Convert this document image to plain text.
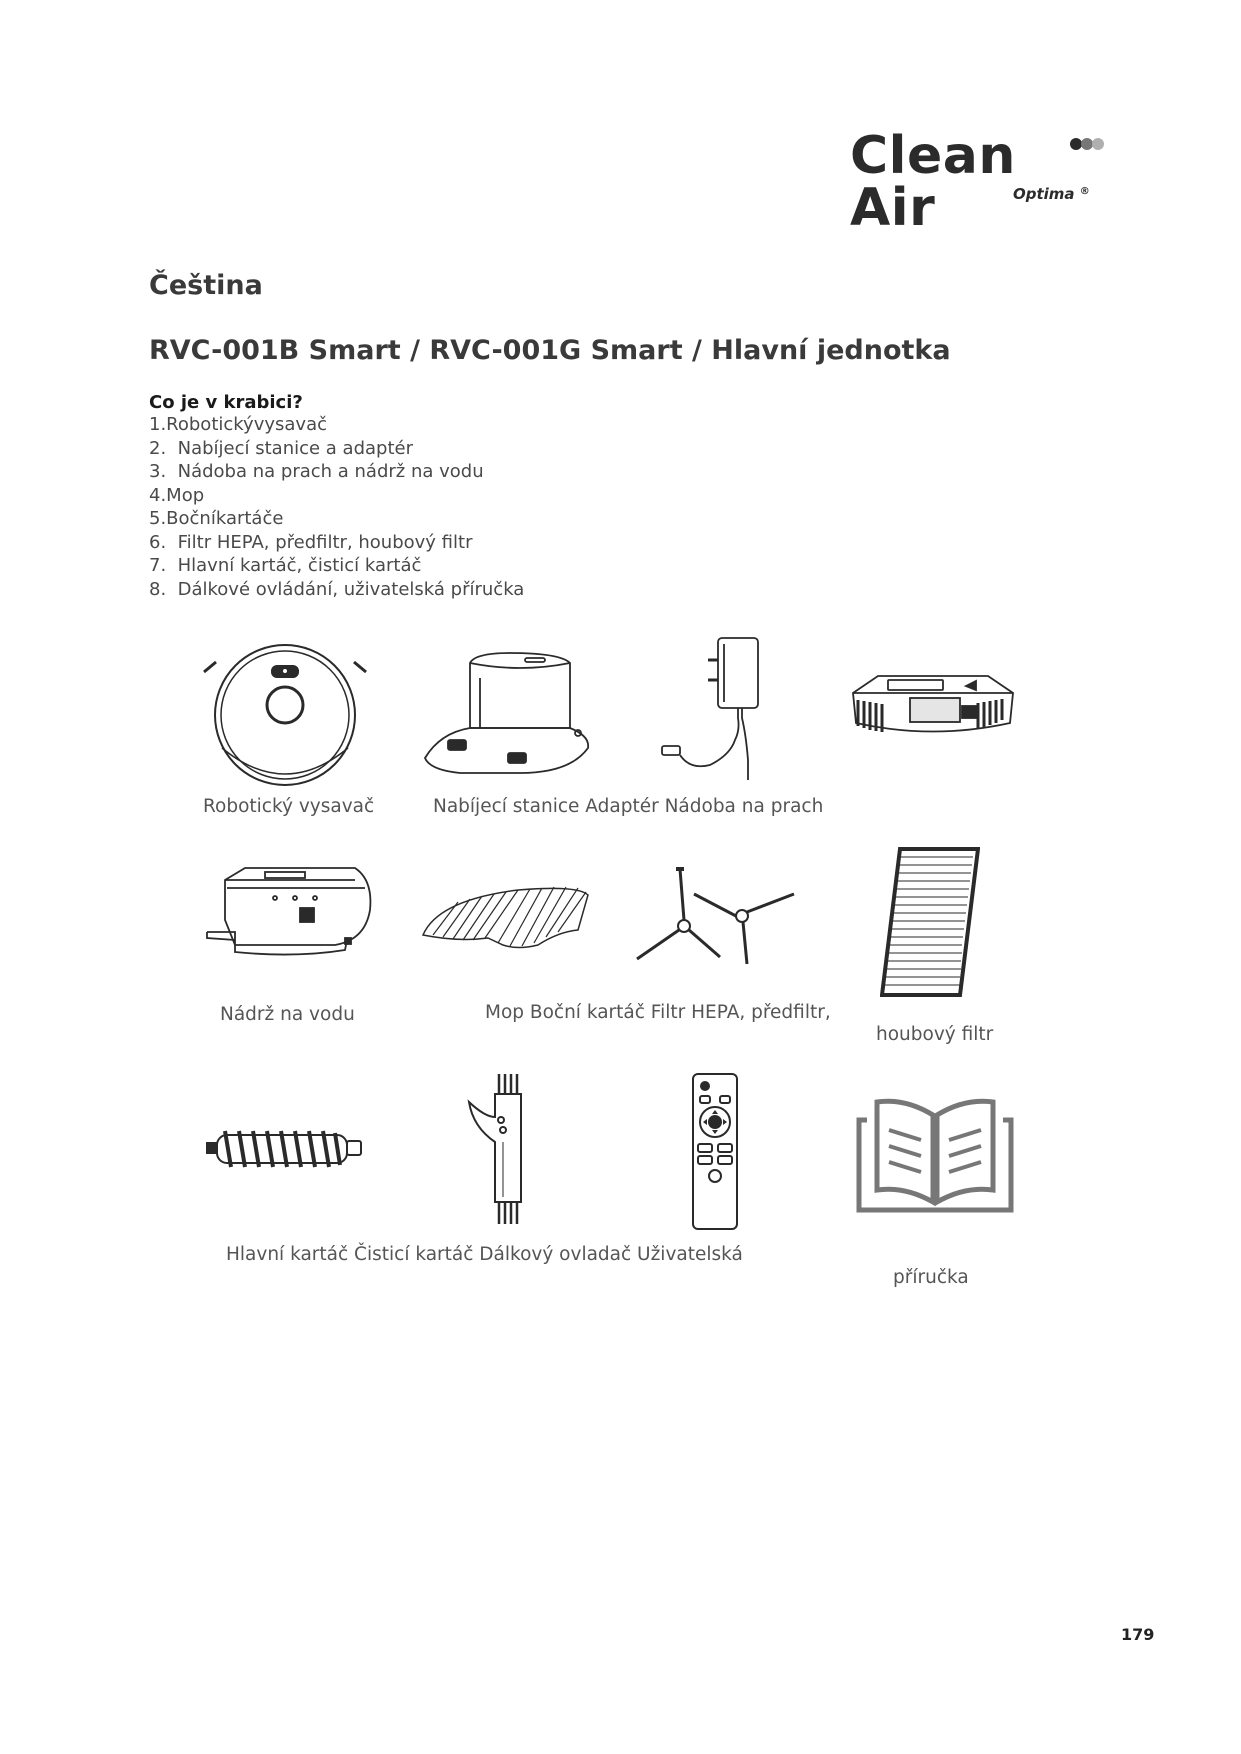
Clean Air	Optima ®
Čeština
RVC-001B Smart / RVC-001G Smart / Hlavní jednotka
Co je v krabici?
1.Robotickývysavač
2.  Nabíjecí stanice a adaptér
3.  Nádoba na prach a nádrž na vodu
4.Mop
5.Bočníkartáče
6.  Filtr HEPA, předfiltr, houbový filtr
7.  Hlavní kartáč, čisticí kartáč
8.  Dálkové ovládání, uživatelská příručka
Robotický vysavač	Nabíjecí stanice Adaptér Nádoba na prach
Nádrž na vodu	Mop Boční kartáč Filtr HEPA, předfiltr,
houbový filtr
Hlavní kartáč Čisticí kartáč Dálkový ovladač Uživatelská
příručka
179
